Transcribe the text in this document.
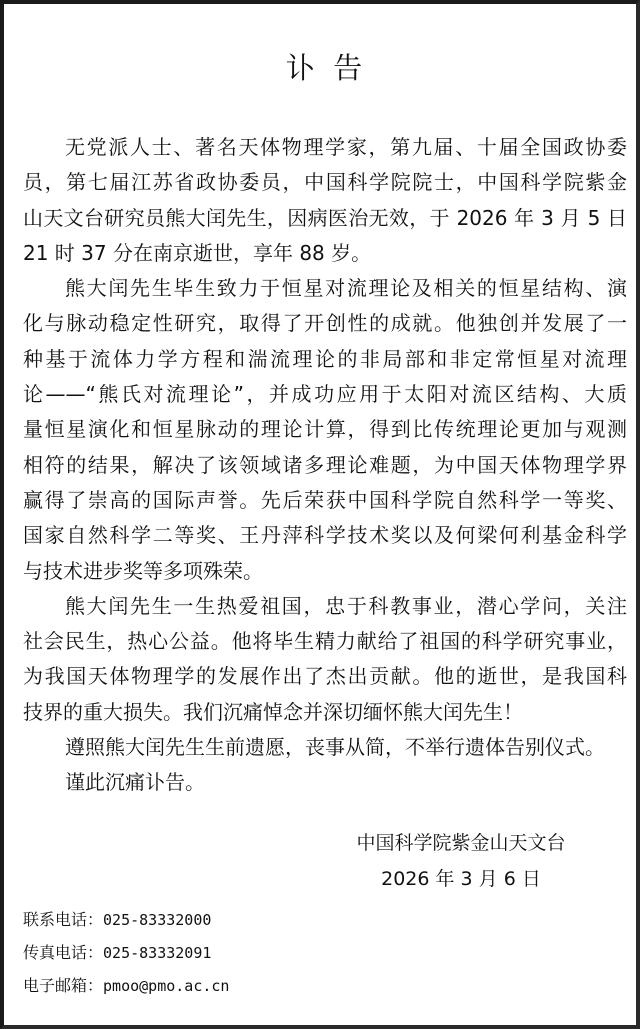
讣  告
无党派人士、著名天体物理学家，第九届、十届全国政协委
员，第七届江苏省政协委员，中国科学院院士，中国科学院紫金
山天文台研究员熊大闰先生，因病医治无效，于 2026 年 3 月 5 日
21 时 37 分在南京逝世，享年 88 岁。
熊大闰先生毕生致力于恒星对流理论及相关的恒星结构、演
化与脉动稳定性研究，取得了开创性的成就。他独创并发展了一
种基于流体力学方程和湍流理论的非局部和非定常恒星对流理
论——“熊氏对流理论”，并成功应用于太阳对流区结构、大质
量恒星演化和恒星脉动的理论计算，得到比传统理论更加与观测
相符的结果，解决了该领域诸多理论难题，为中国天体物理学界
赢得了崇高的国际声誉。先后荣获中国科学院自然科学一等奖、
国家自然科学二等奖、王丹萍科学技术奖以及何梁何利基金科学
与技术进步奖等多项殊荣。
熊大闰先生一生热爱祖国，忠于科教事业，潜心学问，关注
社会民生，热心公益。他将毕生精力献给了祖国的科学研究事业，
为我国天体物理学的发展作出了杰出贡献。他的逝世，是我国科
技界的重大损失。我们沉痛悼念并深切缅怀熊大闰先生！
遵照熊大闰先生生前遗愿，丧事从简，不举行遗体告别仪式。
谨此沉痛讣告。
中国科学院紫金山天文台
2026 年 3 月 6 日
联系电话：025-83332000
传真电话：025-83332091
电子邮箱：pmoo@pmo.ac.cn
